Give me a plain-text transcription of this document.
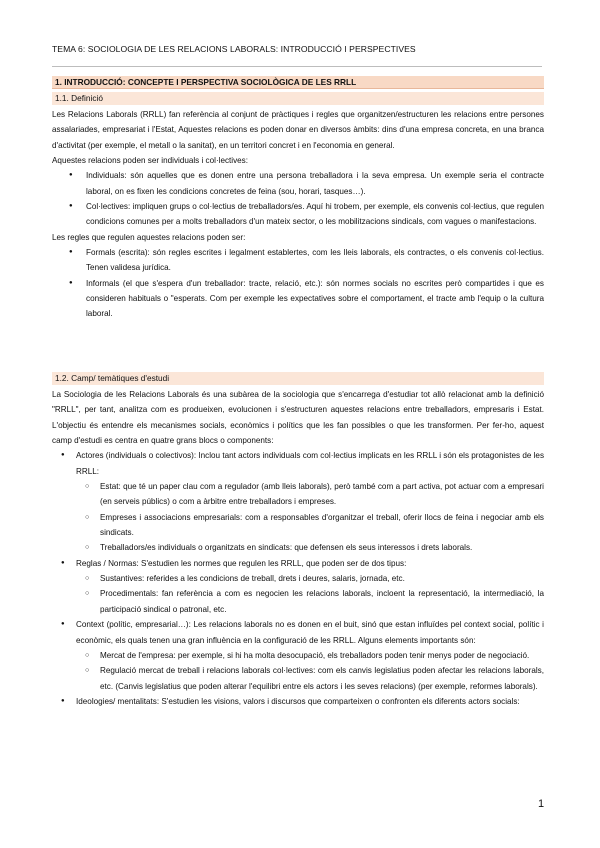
TEMA 6: SOCIOLOGIA DE LES RELACIONS LABORALS: INTRODUCCIÓ I PERSPECTIVES
1. INTRODUCCIÓ: CONCEPTE I PERSPECTIVA SOCIOLÒGICA DE LES RRLL
1.1. Definició

Les Relacions Laborals (RRLL) fan referència al conjunt de pràctiques i regles que organitzen/estructuren les relacions entre persones assalariades, empresariat i l'Estat, Aquestes relacions es poden donar en diversos àmbits: dins d'una empresa concreta, en una branca d'activitat (per exemple, el metall o la sanitat), en un territori concret i en l'economia en general.

Aquestes relacions poden ser individuals i col·lectives:

● Individuals: són aquelles que es donen entre una persona treballadora i la seva empresa. Un exemple seria el contracte laboral, on es fixen les condicions concretes de feina (sou, horari, tasques…).
● Col·lectives: impliquen grups o col·lectius de treballadors/es. Aquí hi trobem, per exemple, els convenis col·lectius, que regulen condicions comunes per a molts treballadors d'un mateix sector, o les mobilitzacions sindicals, com vagues o manifestacions.

Les regles que regulen aquestes relacions poden ser:

● Formals (escrita): són regles escrites i legalment establertes, com les lleis laborals, els contractes, o els convenis col·lectius. Tenen validesa jurídica.
● Informals (el que s'espera d'un treballador: tracte, relació, etc.): són normes socials no escrites però compartides i que es consideren habituals o "esperats. Com per exemple les expectatives sobre el comportament, el tracte amb l'equip o la cultura laboral.
1.2. Camp/ temàtiques d'estudi

La Sociologia de les Relacions Laborals és una subàrea de la sociologia que s'encarrega d'estudiar tot allò relacionat amb la definició "RRLL", per tant, analitza com es produeixen, evolucionen i s'estructuren aquestes relacions entre treballadors, empresaris i Estat. L'objectiu és entendre els mecanismes socials, econòmics i polítics que les fan possibles o que les transformen. Per fer-ho, aquest camp d'estudi es centra en quatre grans blocs o components:

● Actores (individuals o colectivos): Inclou tant actors individuals com col·lectius implicats en les RRLL i són els protagonistes de les RRLL:
○ Estat: que té un paper clau com a regulador (amb lleis laborals), però també com a part activa, pot actuar com a empresari (en serveis públics) o com a àrbitre entre treballadors i empreses.
○ Empreses i associacions empresarials: com a responsables d'organitzar el treball, oferir llocs de feina i negociar amb els sindicats.
○ Treballadors/es individuals o organitzats en sindicats: que defensen els seus interessos i drets laborals.
● Reglas / Normas: S'estudien les normes que regulen les RRLL, que poden ser de dos tipus:
○ Sustantives: referides a les condicions de treball, drets i deures, salaris, jornada, etc.
○ Procedimentals: fan referència a com es negocien les relacions laborals, incloent la representació, la intermediació, la participació sindical o patronal, etc.
● Context (polític, empresarial…): Les relacions laborals no es donen en el buit, sinó que estan influïdes pel context social, polític i econòmic, els quals tenen una gran influència en la configuració de les RRLL. Alguns elements importants són:
○ Mercat de l'empresa: per exemple, si hi ha molta desocupació, els treballadors poden tenir menys poder de negociació.
○ Regulació mercat de treball i relacions laborals col·lectives: com els canvis legislatius poden afectar les relacions laborals, etc. (Canvis legislatius que poden alterar l'equilibri entre els actors i les seves relacions) (per exemple, reformes laborals).
● Ideologies/ mentalitats: S'estudien les visions, valors i discursos que comparteixen o confronten els diferents actors socials:
1
